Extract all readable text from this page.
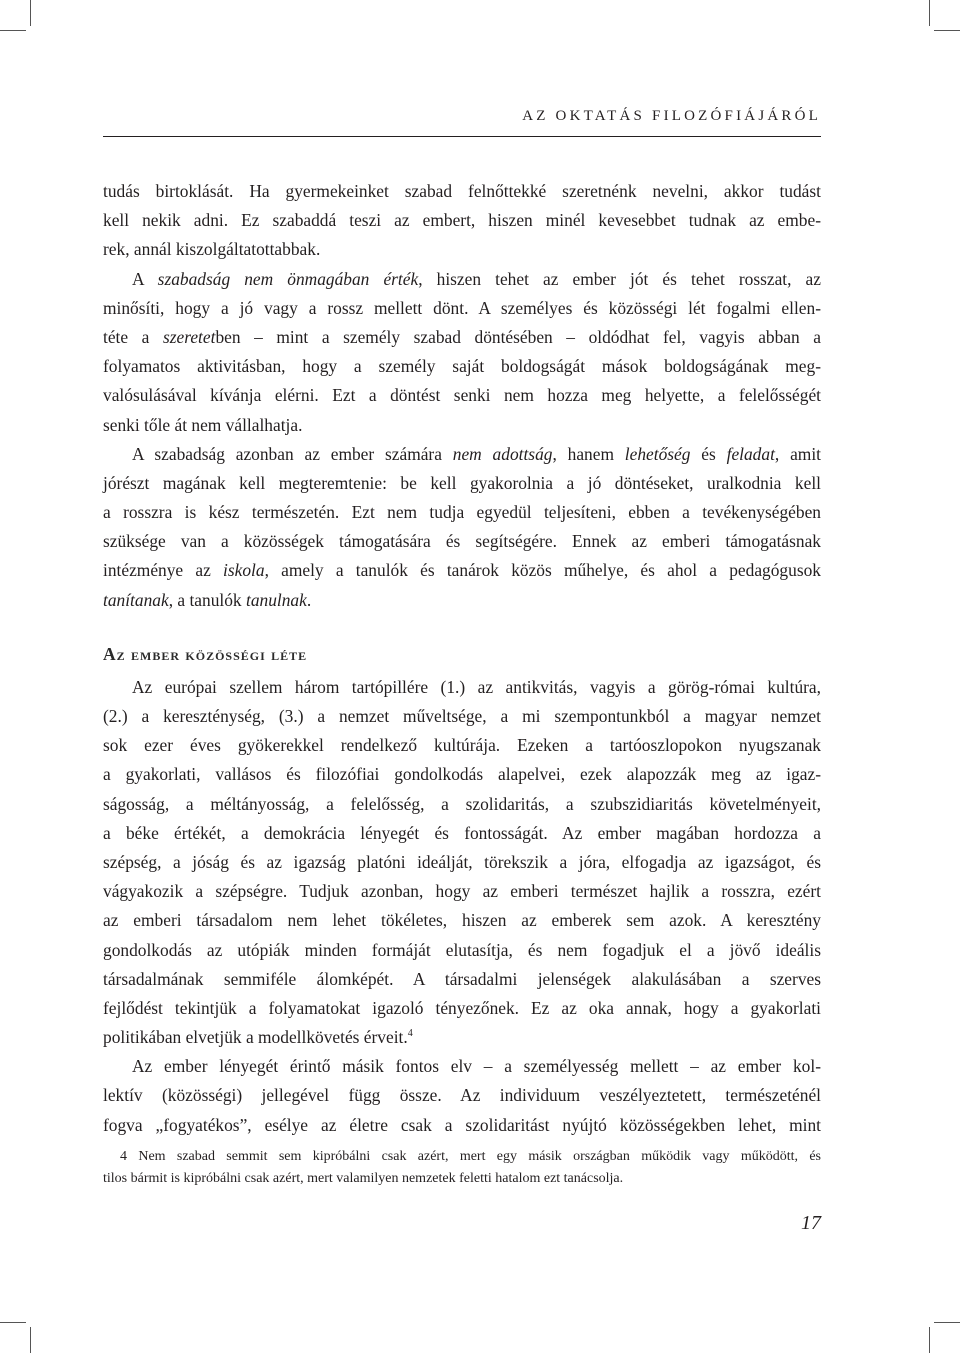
AZ OKTATÁS FILOZÓFIÁJÁRÓL
tudás birtoklását. Ha gyermekeinket szabad felnőttekké szeretnénk nevelni, akkor tudást
kell nekik adni. Ez szabaddá teszi az embert, hiszen minél kevesebbet tudnak az embe-
rek, annál kiszolgáltatottabbak.
A szabadság nem önmagában érték, hiszen tehet az ember jót és tehet rosszat, az
minősíti, hogy a jó vagy a rossz mellett dönt. A személyes és közösségi lét fogalmi ellen-
téte a szeretetben – mint a személy szabad döntésében – oldódhat fel, vagyis abban a
folyamatos aktivitásban, hogy a személy saját boldogságát mások boldogságának meg-
valósulásával kívánja elérni. Ezt a döntést senki nem hozza meg helyette, a felelősségét
senki tőle át nem vállalhatja.
A szabadság azonban az ember számára nem adottság, hanem lehetőség és feladat, amit
jórészt magának kell megteremtenie: be kell gyakorolnia a jó döntéseket, uralkodnia kell
a rosszra is kész természetén. Ezt nem tudja egyedül teljesíteni, ebben a tevékenységében
szüksége van a közösségek támogatására és segítségére. Ennek az emberi támogatásnak
intézménye az iskola, amely a tanulók és tanárok közös műhelye, és ahol a pedagógusok
tanítanak, a tanulók tanulnak.
Az ember közösségi léte
Az európai szellem három tartópillére (1.) az antikvitás, vagyis a görög-római kultúra,
(2.) a kereszténység, (3.) a nemzet műveltsége, a mi szempontunkból a magyar nemzet
sok ezer éves gyökerekkel rendelkező kultúrája. Ezeken a tartóoszlopokon nyugszanak
a gyakorlati, vallásos és filozófiai gondolkodás alapelvei, ezek alapozzák meg az igaz-
ságosság, a méltányosság, a felelősség, a szolidaritás, a szubszidiaritás követelményeit,
a béke értékét, a demokrácia lényegét és fontosságát. Az ember magában hordozza a
szépség, a jóság és az igazság platóni ideálját, törekszik a jóra, elfogadja az igazságot, és
vágyakozik a szépségre. Tudjuk azonban, hogy az emberi természet hajlik a rosszra, ezért
az emberi társadalom nem lehet tökéletes, hiszen az emberek sem azok. A keresztény
gondolkodás az utópiák minden formáját elutasítja, és nem fogadjuk el a jövő ideális
társadalmának semmiféle álomképét. A társadalmi jelenségek alakulásában a szerves
fejlődést tekintjük a folyamatokat igazoló tényezőnek. Ez az oka annak, hogy a gyakorlati
politikában elvetjük a modellkövetés érveit.$^4$
Az ember lényegét érintő másik fontos elv – a személyesség mellett – az ember kol-
lektív (közösségi) jellegével függ össze. Az individuum veszélyeztetett, természeténél
fogva „fogyatékos”, esélye az életre csak a szolidaritást nyújtó közösségekben lehet, mint
4 Nem szabad semmit sem kipróbálni csak azért, mert egy másik országban működik vagy működött, és
tilos bármit is kipróbálni csak azért, mert valamilyen nemzetek feletti hatalom ezt tanácsolja.
17
